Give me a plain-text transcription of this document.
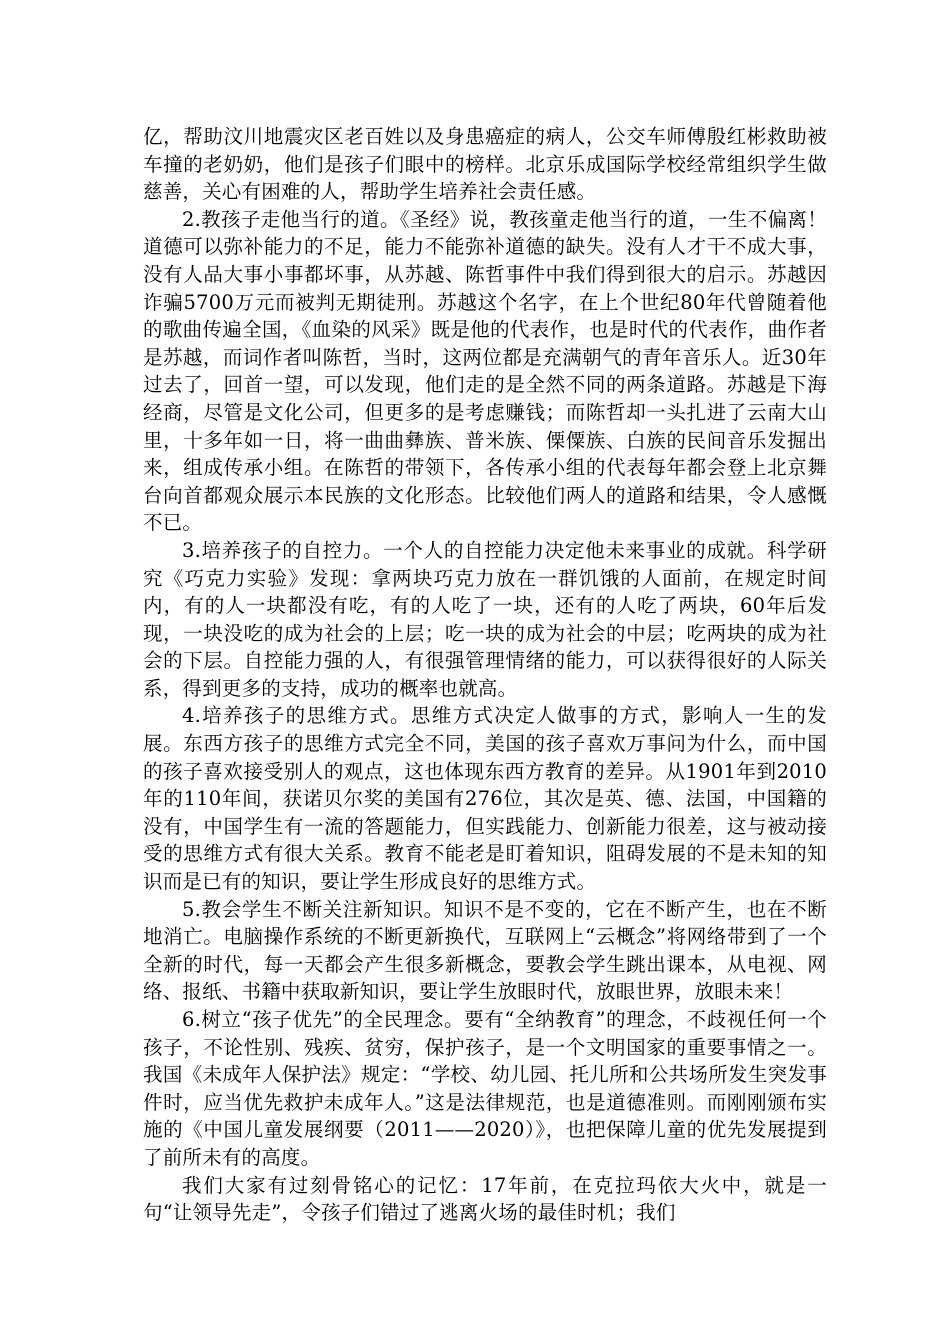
亿，帮助汶川地震灾区老百姓以及身患癌症的病人，公交车师傅殷红彬救助被车撞的老奶奶，他们是孩子们眼中的榜样。北京乐成国际学校经常组织学生做慈善，关心有困难的人，帮助学生培养社会责任感。

2.教孩子走他当行的道。《圣经》说，教孩童走他当行的道，一生不偏离！道德可以弥补能力的不足，能力不能弥补道德的缺失。没有人才干不成大事，没有人品大事小事都坏事，从苏越、陈哲事件中我们得到很大的启示。苏越因诈骗5700万元而被判无期徒刑。苏越这个名字，在上个世纪80年代曾随着他的歌曲传遍全国，《血染的风采》既是他的代表作，也是时代的代表作，曲作者是苏越，而词作者叫陈哲，当时，这两位都是充满朝气的青年音乐人。近30年过去了，回首一望，可以发现，他们走的是全然不同的两条道路。苏越是下海经商，尽管是文化公司，但更多的是考虑赚钱；而陈哲却一头扎进了云南大山里，十多年如一日，将一曲曲彝族、普米族、傈僳族、白族的民间音乐发掘出来，组成传承小组。在陈哲的带领下，各传承小组的代表每年都会登上北京舞台向首都观众展示本民族的文化形态。比较他们两人的道路和结果，令人感慨不已。

3.培养孩子的自控力。一个人的自控能力决定他未来事业的成就。科学研究《巧克力实验》发现：拿两块巧克力放在一群饥饿的人面前，在规定时间内，有的人一块都没有吃，有的人吃了一块，还有的人吃了两块，60年后发现，一块没吃的成为社会的上层；吃一块的成为社会的中层；吃两块的成为社会的下层。自控能力强的人，有很强管理情绪的能力，可以获得很好的人际关系，得到更多的支持，成功的概率也就高。

4.培养孩子的思维方式。思维方式决定人做事的方式，影响人一生的发展。东西方孩子的思维方式完全不同，美国的孩子喜欢万事问为什么，而中国的孩子喜欢接受别人的观点，这也体现东西方教育的差异。从1901年到2010年的110年间，获诺贝尔奖的美国有276位，其次是英、德、法国，中国籍的没有，中国学生有一流的答题能力，但实践能力、创新能力很差，这与被动接受的思维方式有很大关系。教育不能老是盯着知识，阻碍发展的不是未知的知识而是已有的知识，要让学生形成良好的思维方式。

5.教会学生不断关注新知识。知识不是不变的，它在不断产生，也在不断地消亡。电脑操作系统的不断更新换代，互联网上“云概念”将网络带到了一个全新的时代，每一天都会产生很多新概念，要教会学生跳出课本，从电视、网络、报纸、书籍中获取新知识，要让学生放眼时代，放眼世界，放眼未来！

6.树立“孩子优先”的全民理念。要有“全纳教育”的理念，不歧视任何一个孩子，不论性别、残疾、贫穷，保护孩子，是一个文明国家的重要事情之一。我国《未成年人保护法》规定：“学校、幼儿园、托儿所和公共场所发生突发事件时，应当优先救护未成年人。”这是法律规范，也是道德准则。而刚刚颁布实施的《中国儿童发展纲要（2011——2020）》，也把保障儿童的优先发展提到了前所未有的高度。

我们大家有过刻骨铭心的记忆：17年前，在克拉玛依大火中，就是一句“让领导先走”，令孩子们错过了逃离火场的最佳时机；我们
